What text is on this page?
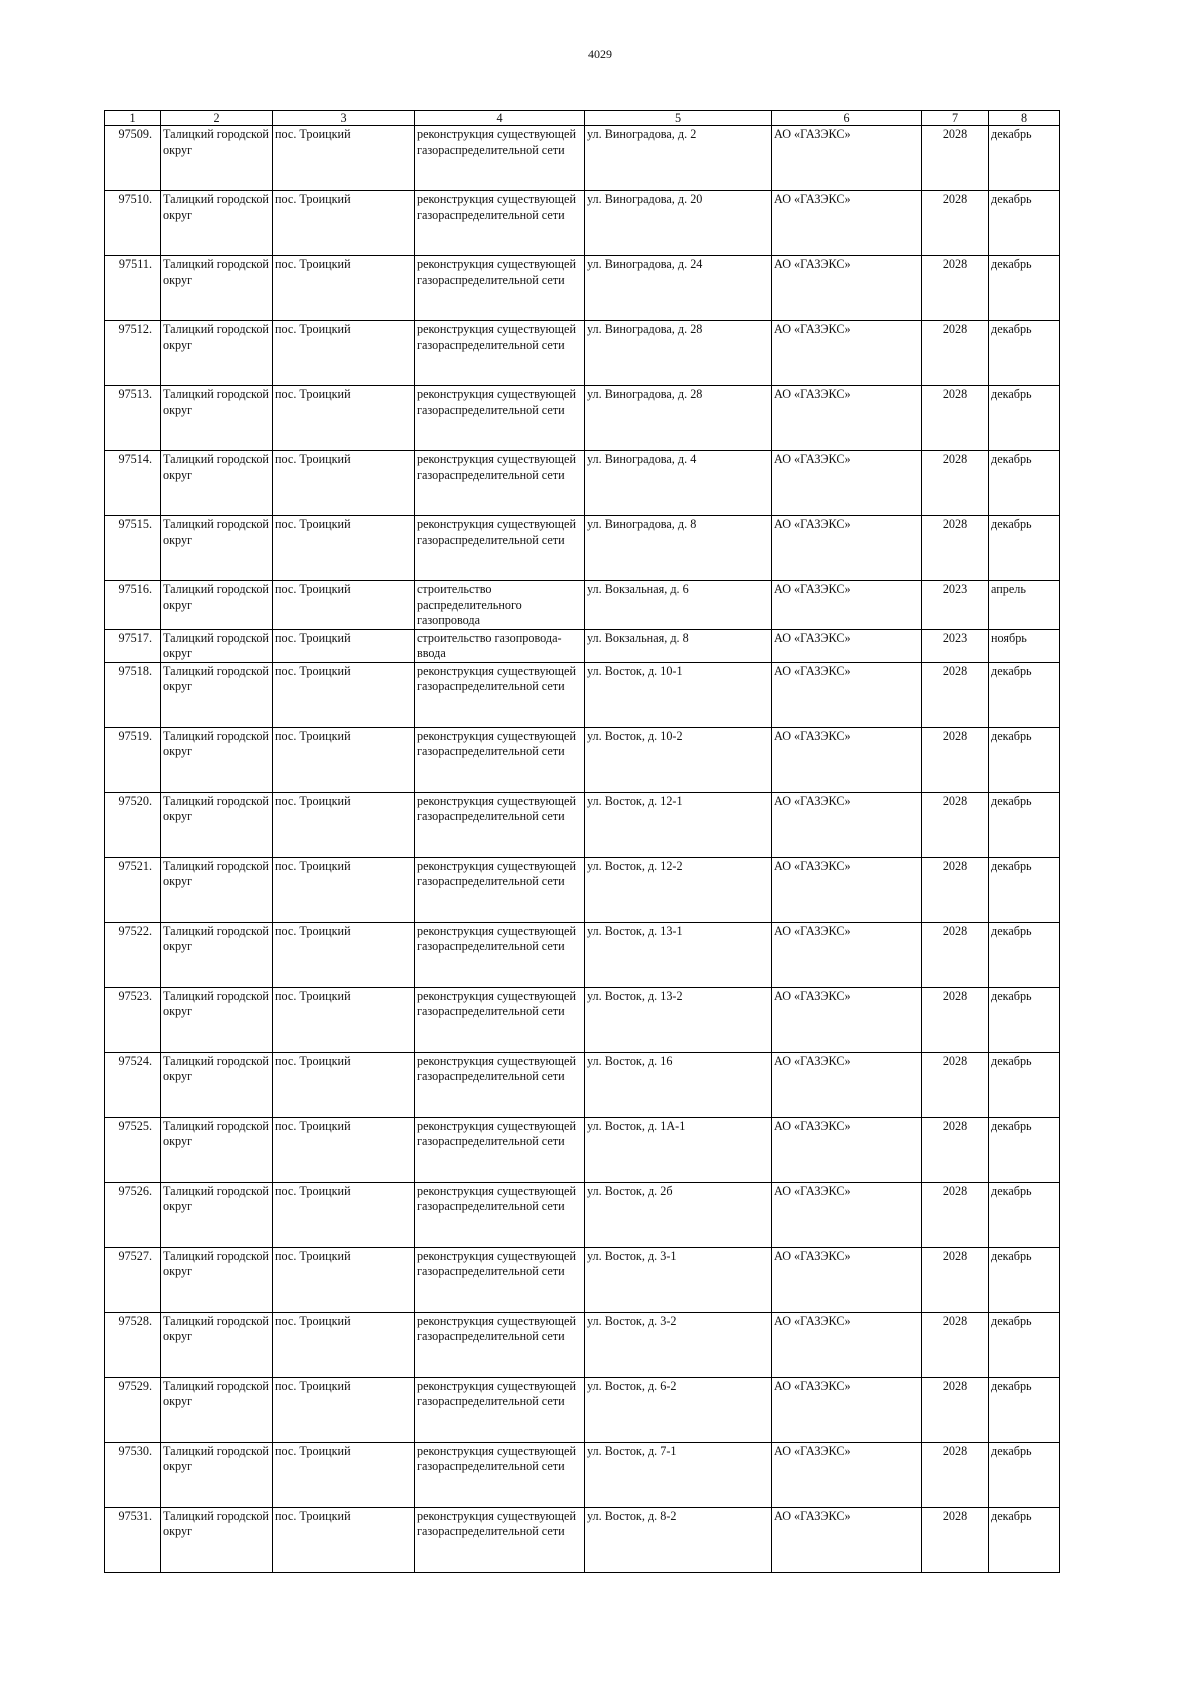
4029
1	2	3	4	5	6	7	8
97509.	Талицкий городской округ	пос. Троицкий	реконструкция существующей газораспределительной сети	ул. Виноградова, д. 2	АО «ГАЗЭКС»	2028	декабрь
97510.	Талицкий городской округ	пос. Троицкий	реконструкция существующей газораспределительной сети	ул. Виноградова, д. 20	АО «ГАЗЭКС»	2028	декабрь
97511.	Талицкий городской округ	пос. Троицкий	реконструкция существующей газораспределительной сети	ул. Виноградова, д. 24	АО «ГАЗЭКС»	2028	декабрь
97512.	Талицкий городской округ	пос. Троицкий	реконструкция существующей газораспределительной сети	ул. Виноградова, д. 28	АО «ГАЗЭКС»	2028	декабрь
97513.	Талицкий городской округ	пос. Троицкий	реконструкция существующей газораспределительной сети	ул. Виноградова, д. 28	АО «ГАЗЭКС»	2028	декабрь
97514.	Талицкий городской округ	пос. Троицкий	реконструкция существующей газораспределительной сети	ул. Виноградова, д. 4	АО «ГАЗЭКС»	2028	декабрь
97515.	Талицкий городской округ	пос. Троицкий	реконструкция существующей газораспределительной сети	ул. Виноградова, д. 8	АО «ГАЗЭКС»	2028	декабрь
97516.	Талицкий городской округ	пос. Троицкий	строительство распределительного газопровода	ул. Вокзальная, д. 6	АО «ГАЗЭКС»	2023	апрель
97517.	Талицкий городской округ	пос. Троицкий	строительство газопровода-ввода	ул. Вокзальная, д. 8	АО «ГАЗЭКС»	2023	ноябрь
97518.	Талицкий городской округ	пос. Троицкий	реконструкция существующей газораспределительной сети	ул. Восток, д. 10-1	АО «ГАЗЭКС»	2028	декабрь
97519.	Талицкий городской округ	пос. Троицкий	реконструкция существующей газораспределительной сети	ул. Восток, д. 10-2	АО «ГАЗЭКС»	2028	декабрь
97520.	Талицкий городской округ	пос. Троицкий	реконструкция существующей газораспределительной сети	ул. Восток, д. 12-1	АО «ГАЗЭКС»	2028	декабрь
97521.	Талицкий городской округ	пос. Троицкий	реконструкция существующей газораспределительной сети	ул. Восток, д. 12-2	АО «ГАЗЭКС»	2028	декабрь
97522.	Талицкий городской округ	пос. Троицкий	реконструкция существующей газораспределительной сети	ул. Восток, д. 13-1	АО «ГАЗЭКС»	2028	декабрь
97523.	Талицкий городской округ	пос. Троицкий	реконструкция существующей газораспределительной сети	ул. Восток, д. 13-2	АО «ГАЗЭКС»	2028	декабрь
97524.	Талицкий городской округ	пос. Троицкий	реконструкция существующей газораспределительной сети	ул. Восток, д. 16	АО «ГАЗЭКС»	2028	декабрь
97525.	Талицкий городской округ	пос. Троицкий	реконструкция существующей газораспределительной сети	ул. Восток, д. 1А-1	АО «ГАЗЭКС»	2028	декабрь
97526.	Талицкий городской округ	пос. Троицкий	реконструкция существующей газораспределительной сети	ул. Восток, д. 2б	АО «ГАЗЭКС»	2028	декабрь
97527.	Талицкий городской округ	пос. Троицкий	реконструкция существующей газораспределительной сети	ул. Восток, д. 3-1	АО «ГАЗЭКС»	2028	декабрь
97528.	Талицкий городской округ	пос. Троицкий	реконструкция существующей газораспределительной сети	ул. Восток, д. 3-2	АО «ГАЗЭКС»	2028	декабрь
97529.	Талицкий городской округ	пос. Троицкий	реконструкция существующей газораспределительной сети	ул. Восток, д. 6-2	АО «ГАЗЭКС»	2028	декабрь
97530.	Талицкий городской округ	пос. Троицкий	реконструкция существующей газораспределительной сети	ул. Восток, д. 7-1	АО «ГАЗЭКС»	2028	декабрь
97531.	Талицкий городской округ	пос. Троицкий	реконструкция существующей газораспределительной сети	ул. Восток, д. 8-2	АО «ГАЗЭКС»	2028	декабрь
